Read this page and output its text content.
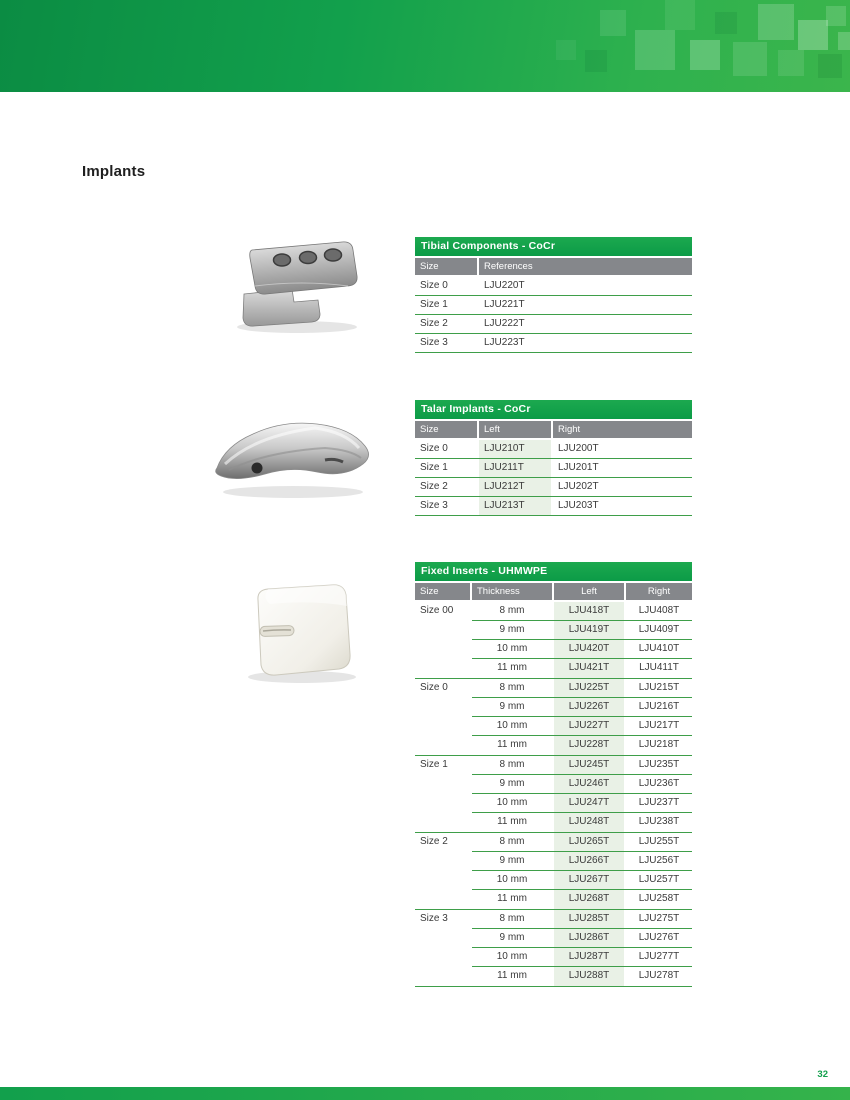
Implants
Tibial Components - CoCr
Size	References
Size 0	LJU220T
Size 1	LJU221T
Size 2	LJU222T
Size 3	LJU223T
Talar Implants - CoCr
Size	Left	Right
Size 0	LJU210T	LJU200T
Size 1	LJU211T	LJU201T
Size 2	LJU212T	LJU202T
Size 3	LJU213T	LJU203T
Fixed Inserts - UHMWPE
Size	Thickness	Left	Right
Size 00	8 mm	LJU418T	LJU408T
9 mm	LJU419T	LJU409T
10 mm	LJU420T	LJU410T
11 mm	LJU421T	LJU411T
Size 0	8 mm	LJU225T	LJU215T
9 mm	LJU226T	LJU216T
10 mm	LJU227T	LJU217T
11 mm	LJU228T	LJU218T
Size 1	8 mm	LJU245T	LJU235T
9 mm	LJU246T	LJU236T
10 mm	LJU247T	LJU237T
11 mm	LJU248T	LJU238T
Size 2	8 mm	LJU265T	LJU255T
9 mm	LJU266T	LJU256T
10 mm	LJU267T	LJU257T
11 mm	LJU268T	LJU258T
Size 3	8 mm	LJU285T	LJU275T
9 mm	LJU286T	LJU276T
10 mm	LJU287T	LJU277T
11 mm	LJU288T	LJU278T
32
